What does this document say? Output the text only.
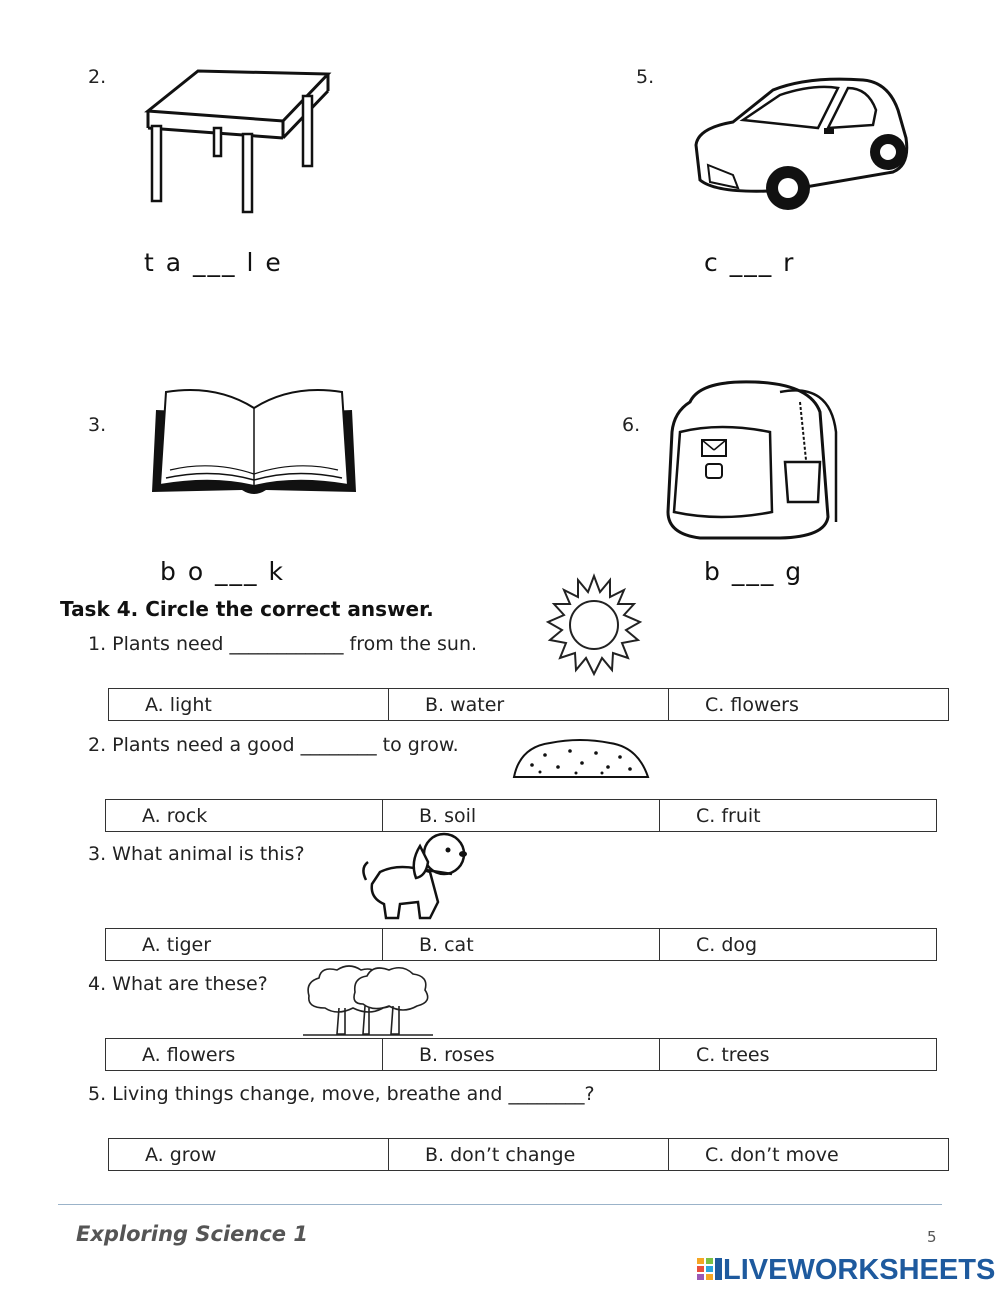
2.
t a ___ l e
5.
c ___ r
3.
b o ___ k
6.
b ___ g
Task 4. Circle the correct answer.
1. Plants need ____________ from the sun.
A. light	B. water	C. flowers
2. Plants need a good ________ to grow.
A. rock	B. soil	C. fruit
3. What animal is this?
A. tiger	B. cat	C. dog
4. What are these?
A. flowers	B. roses	C. trees
5. Living things change, move, breathe and ________?
A. grow	B. don’t change	C. don’t move
Exploring Science 1	5
LIVEWORKSHEETS
